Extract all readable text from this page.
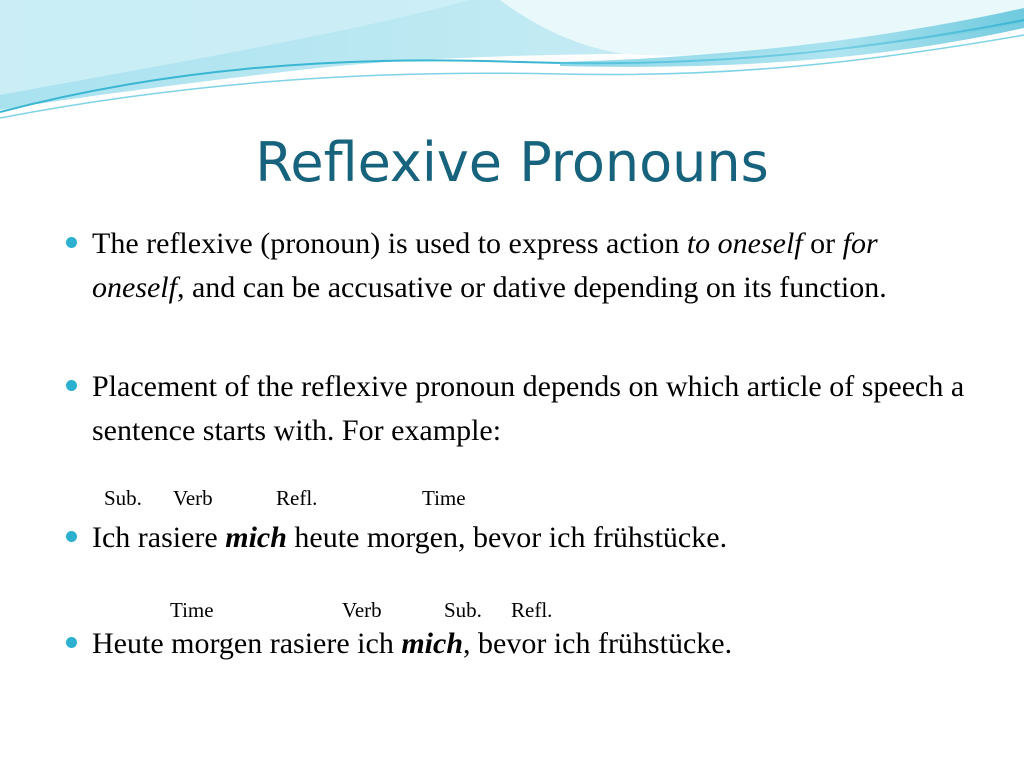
Reflexive Pronouns
The reflexive (pronoun) is used to express action to oneself or for oneself, and can be accusative or dative depending on its function.
Placement of the reflexive pronoun depends on which article of speech a sentence starts with. For example:
Sub. Verb	Refl.	Time
Ich rasiere mich heute morgen, bevor ich frühstücke.
Time	Verb	Sub. Refl.
Heute morgen rasiere ich mich, bevor ich frühstücke.
